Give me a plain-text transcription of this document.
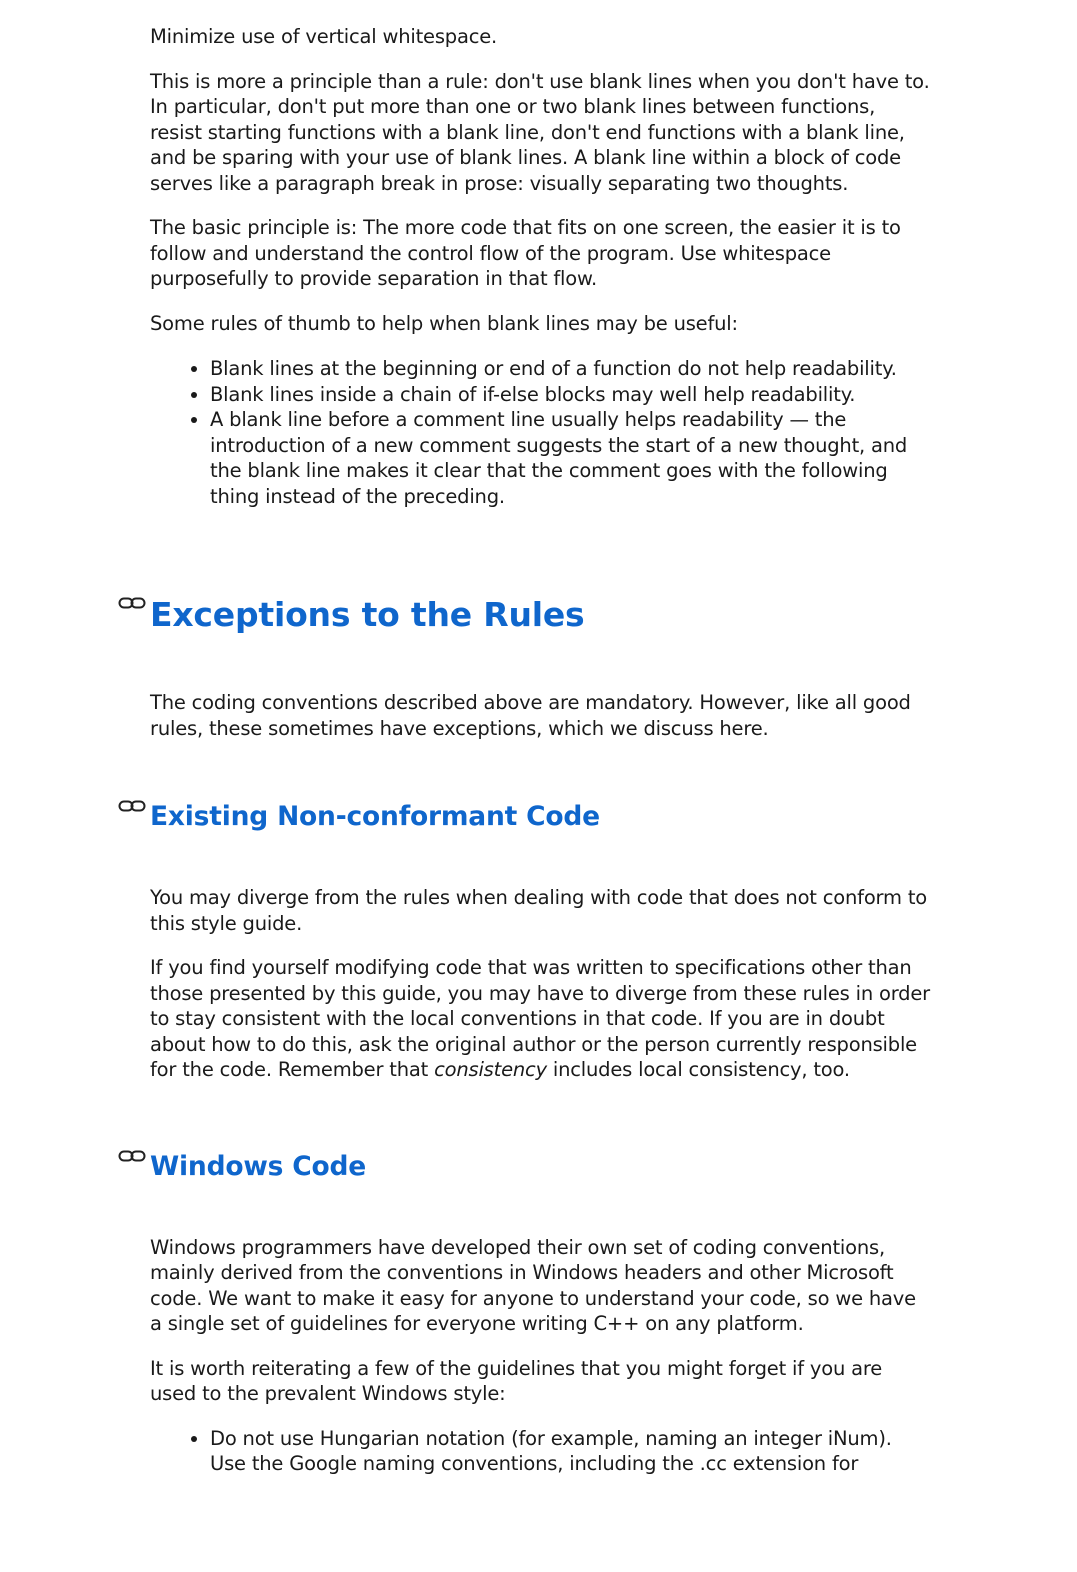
Minimize use of vertical whitespace.

This is more a principle than a rule: don't use blank lines when you don't have to. In particular, don't put more than one or two blank lines between functions, resist starting functions with a blank line, don't end functions with a blank line, and be sparing with your use of blank lines. A blank line within a block of code serves like a paragraph break in prose: visually separating two thoughts.

The basic principle is: The more code that fits on one screen, the easier it is to follow and understand the control flow of the program. Use whitespace purposefully to provide separation in that flow.

Some rules of thumb to help when blank lines may be useful:

• Blank lines at the beginning or end of a function do not help readability.
• Blank lines inside a chain of if-else blocks may well help readability.
• A blank line before a comment line usually helps readability — the introduction of a new comment suggests the start of a new thought, and the blank line makes it clear that the comment goes with the following thing instead of the preceding.
Exceptions to the Rules

The coding conventions described above are mandatory. However, like all good rules, these sometimes have exceptions, which we discuss here.

Existing Non-conformant Code

You may diverge from the rules when dealing with code that does not conform to this style guide.

If you find yourself modifying code that was written to specifications other than those presented by this guide, you may have to diverge from these rules in order to stay consistent with the local conventions in that code. If you are in doubt about how to do this, ask the original author or the person currently responsible for the code. Remember that consistency includes local consistency, too.

Windows Code

Windows programmers have developed their own set of coding conventions, mainly derived from the conventions in Windows headers and other Microsoft code. We want to make it easy for anyone to understand your code, so we have a single set of guidelines for everyone writing C++ on any platform.

It is worth reiterating a few of the guidelines that you might forget if you are used to the prevalent Windows style:

• Do not use Hungarian notation (for example, naming an integer iNum). Use the Google naming conventions, including the .cc extension for
